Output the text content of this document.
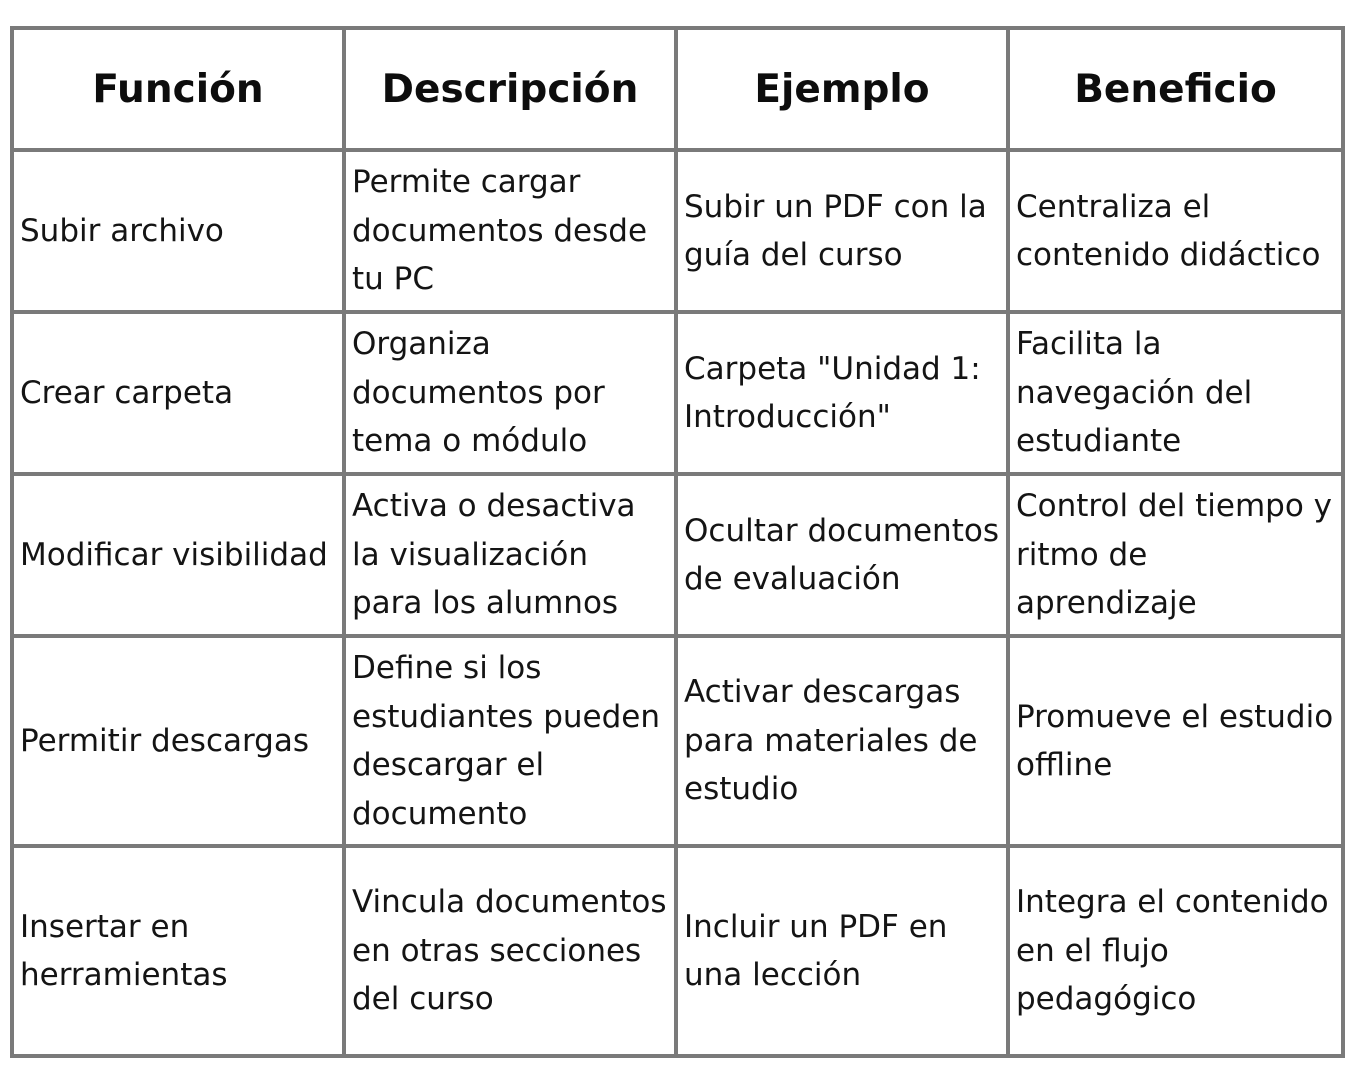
Función	Descripción	Ejemplo	Beneficio
Subir archivo	Permite cargar documentos desde tu PC	Subir un PDF con la guía del curso	Centraliza el contenido didáctico
Crear carpeta	Organiza documentos por tema o módulo	Carpeta "Unidad 1: Introducción"	Facilita la navegación del estudiante
Modificar visibilidad	Activa o desactiva la visualización para los alumnos	Ocultar documentos de evaluación	Control del tiempo y ritmo de aprendizaje
Permitir descargas	Define si los estudiantes pueden descargar el documento	Activar descargas para materiales de estudio	Promueve el estudio offline
Insertar en herramientas	Vincula documentos en otras secciones del curso	Incluir un PDF en una lección	Integra el contenido en el flujo pedagógico
